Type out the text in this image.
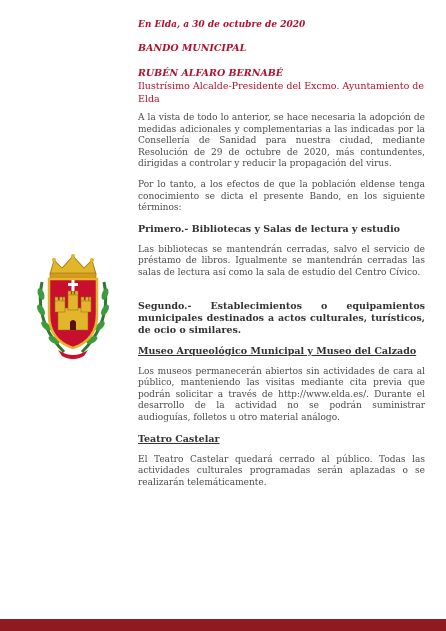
En Elda, a 30 de octubre de 2020
BANDO MUNICIPAL
RUBÉN ALFARO BERNABÉ
Ilustrísimo Alcalde-Presidente del Excmo. Ayuntamiento de Elda

A la vista de todo lo anterior, se hace necesaria la adopción de medidas adicionales y complementarias a las indicadas por la Consellería de Sanidad para nuestra ciudad, mediante Resolución de 29 de octubre de 2020, más contundentes, dirigidas a controlar y reducir la propagación del virus.

Por lo tanto, a los efectos de que la población eldense tenga conocimiento se dicta el presente Bando, en los siguiente términos:

Primero.- Bibliotecas y Salas de lectura y estudio

Las bibliotecas se mantendrán cerradas, salvo el servicio de préstamo de libros. Igualmente se mantendrán cerradas las salas de lectura así como la sala de estudio del Centro Cívico.

Segundo.- Establecimientos o equipamientos municipales destinados a actos culturales, turísticos, de ocio o similares.
Museo Arqueológico Municipal y Museo del Calzado

Los museos permanecerán abiertos sin actividades de cara al público, manteniendo las visitas mediante cita previa que podrán solicitar a través de http://www.elda.es/. Durante el desarrollo de la actividad no se podrán suministrar audioguías, folletos u otro material análogo.

Teatro Castelar

El Teatro Castelar quedará cerrado al público. Todas las actividades culturales programadas serán aplazadas o se realizarán telemáticamente.
